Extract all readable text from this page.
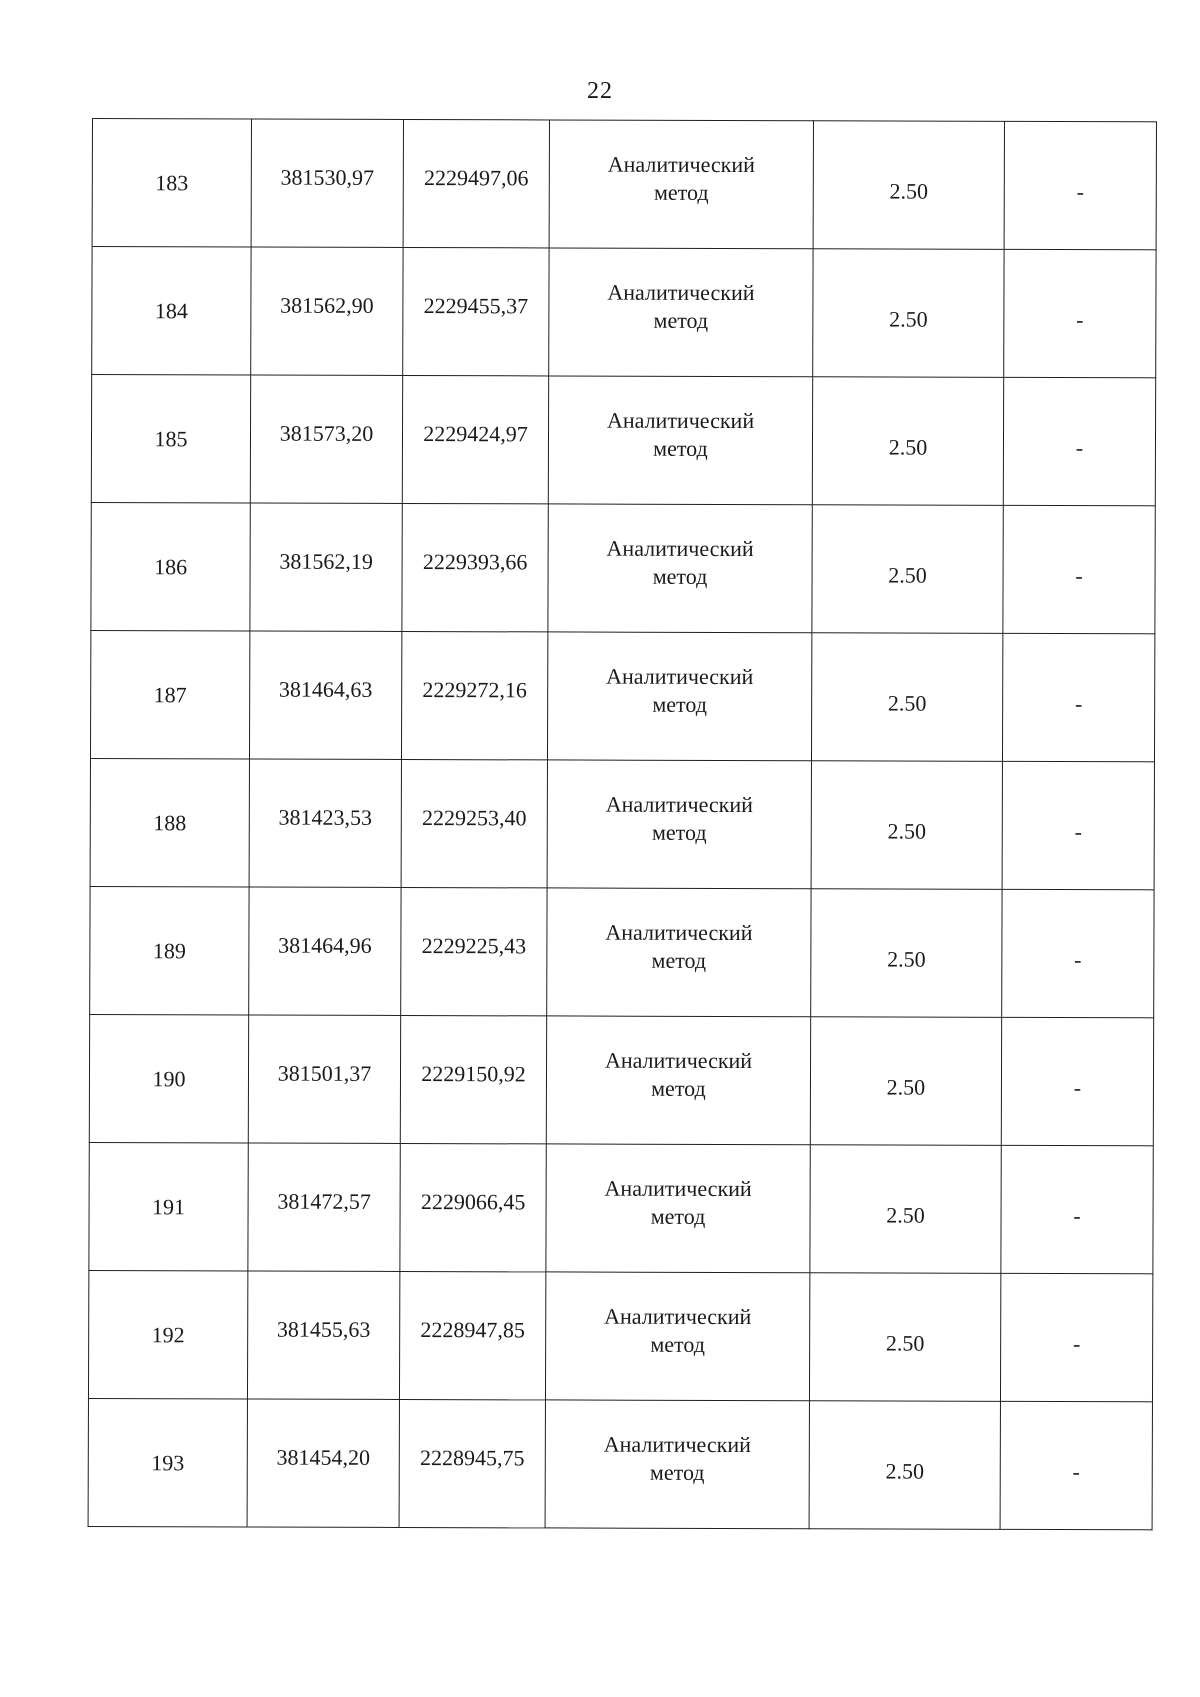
22
183	381530,97	2229497,06	Аналитический
метод	2.50	-
184	381562,90	2229455,37	Аналитический
метод	2.50	-
185	381573,20	2229424,97	Аналитический
метод	2.50	-
186	381562,19	2229393,66	Аналитический
метод	2.50	-
187	381464,63	2229272,16	Аналитический
метод	2.50	-
188	381423,53	2229253,40	Аналитический
метод	2.50	-
189	381464,96	2229225,43	Аналитический
метод	2.50	-
190	381501,37	2229150,92	Аналитический
метод	2.50	-
191	381472,57	2229066,45	Аналитический
метод	2.50	-
192	381455,63	2228947,85	Аналитический
метод	2.50	-
193	381454,20	2228945,75	Аналитический
метод	2.50	-
